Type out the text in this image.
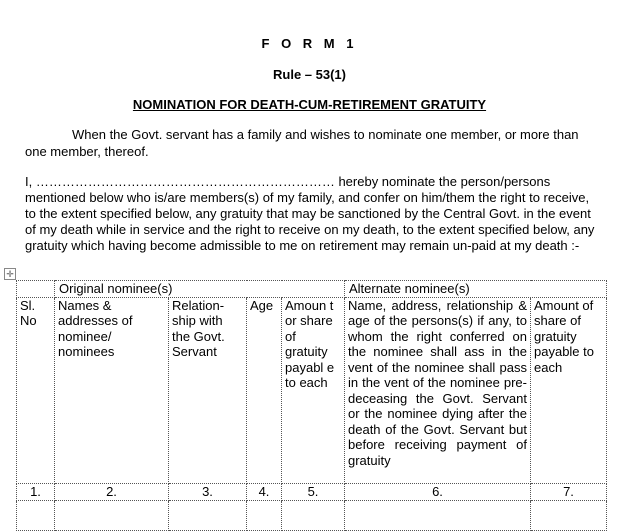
F O R M 1
Rule – 53(1)
NOMINATION FOR DEATH-CUM-RETIREMENT GRATUITY
When the Govt. servant has a family and wishes to nominate one member, or more than one member, thereof.
I, …………………………………………………………… hereby nominate the person/persons mentioned below who is/are members(s) of my family, and confer on him/them the right to receive, to the extent specified below, any gratuity that may be sanctioned by the Central Govt. in the event of my death while in service and the right to receive on my death, to the extent specified below, any gratuity which having become admissible to me on retirement may remain un-paid at my death :-
✛
	Original nominee(s)				Alternate nominee(s)	
Sl. No	Names & addresses of nominee/ nominees	Relation-ship with the Govt. Servant	Age	Amoun t or share of gratuity payabl e to each	Name, address, relationship & age of the persons(s) if any, to whom the right conferred on the nominee shall ass in the vent of the nominee shall pass in the vent of the nominee pre-deceasing the Govt. Servant or the nominee dying after the death of the Govt. Servant but before receiving payment of gratuity	Amount of share of gratuity payable to each
1.	2.	3.	4.	5.	6.	7.
